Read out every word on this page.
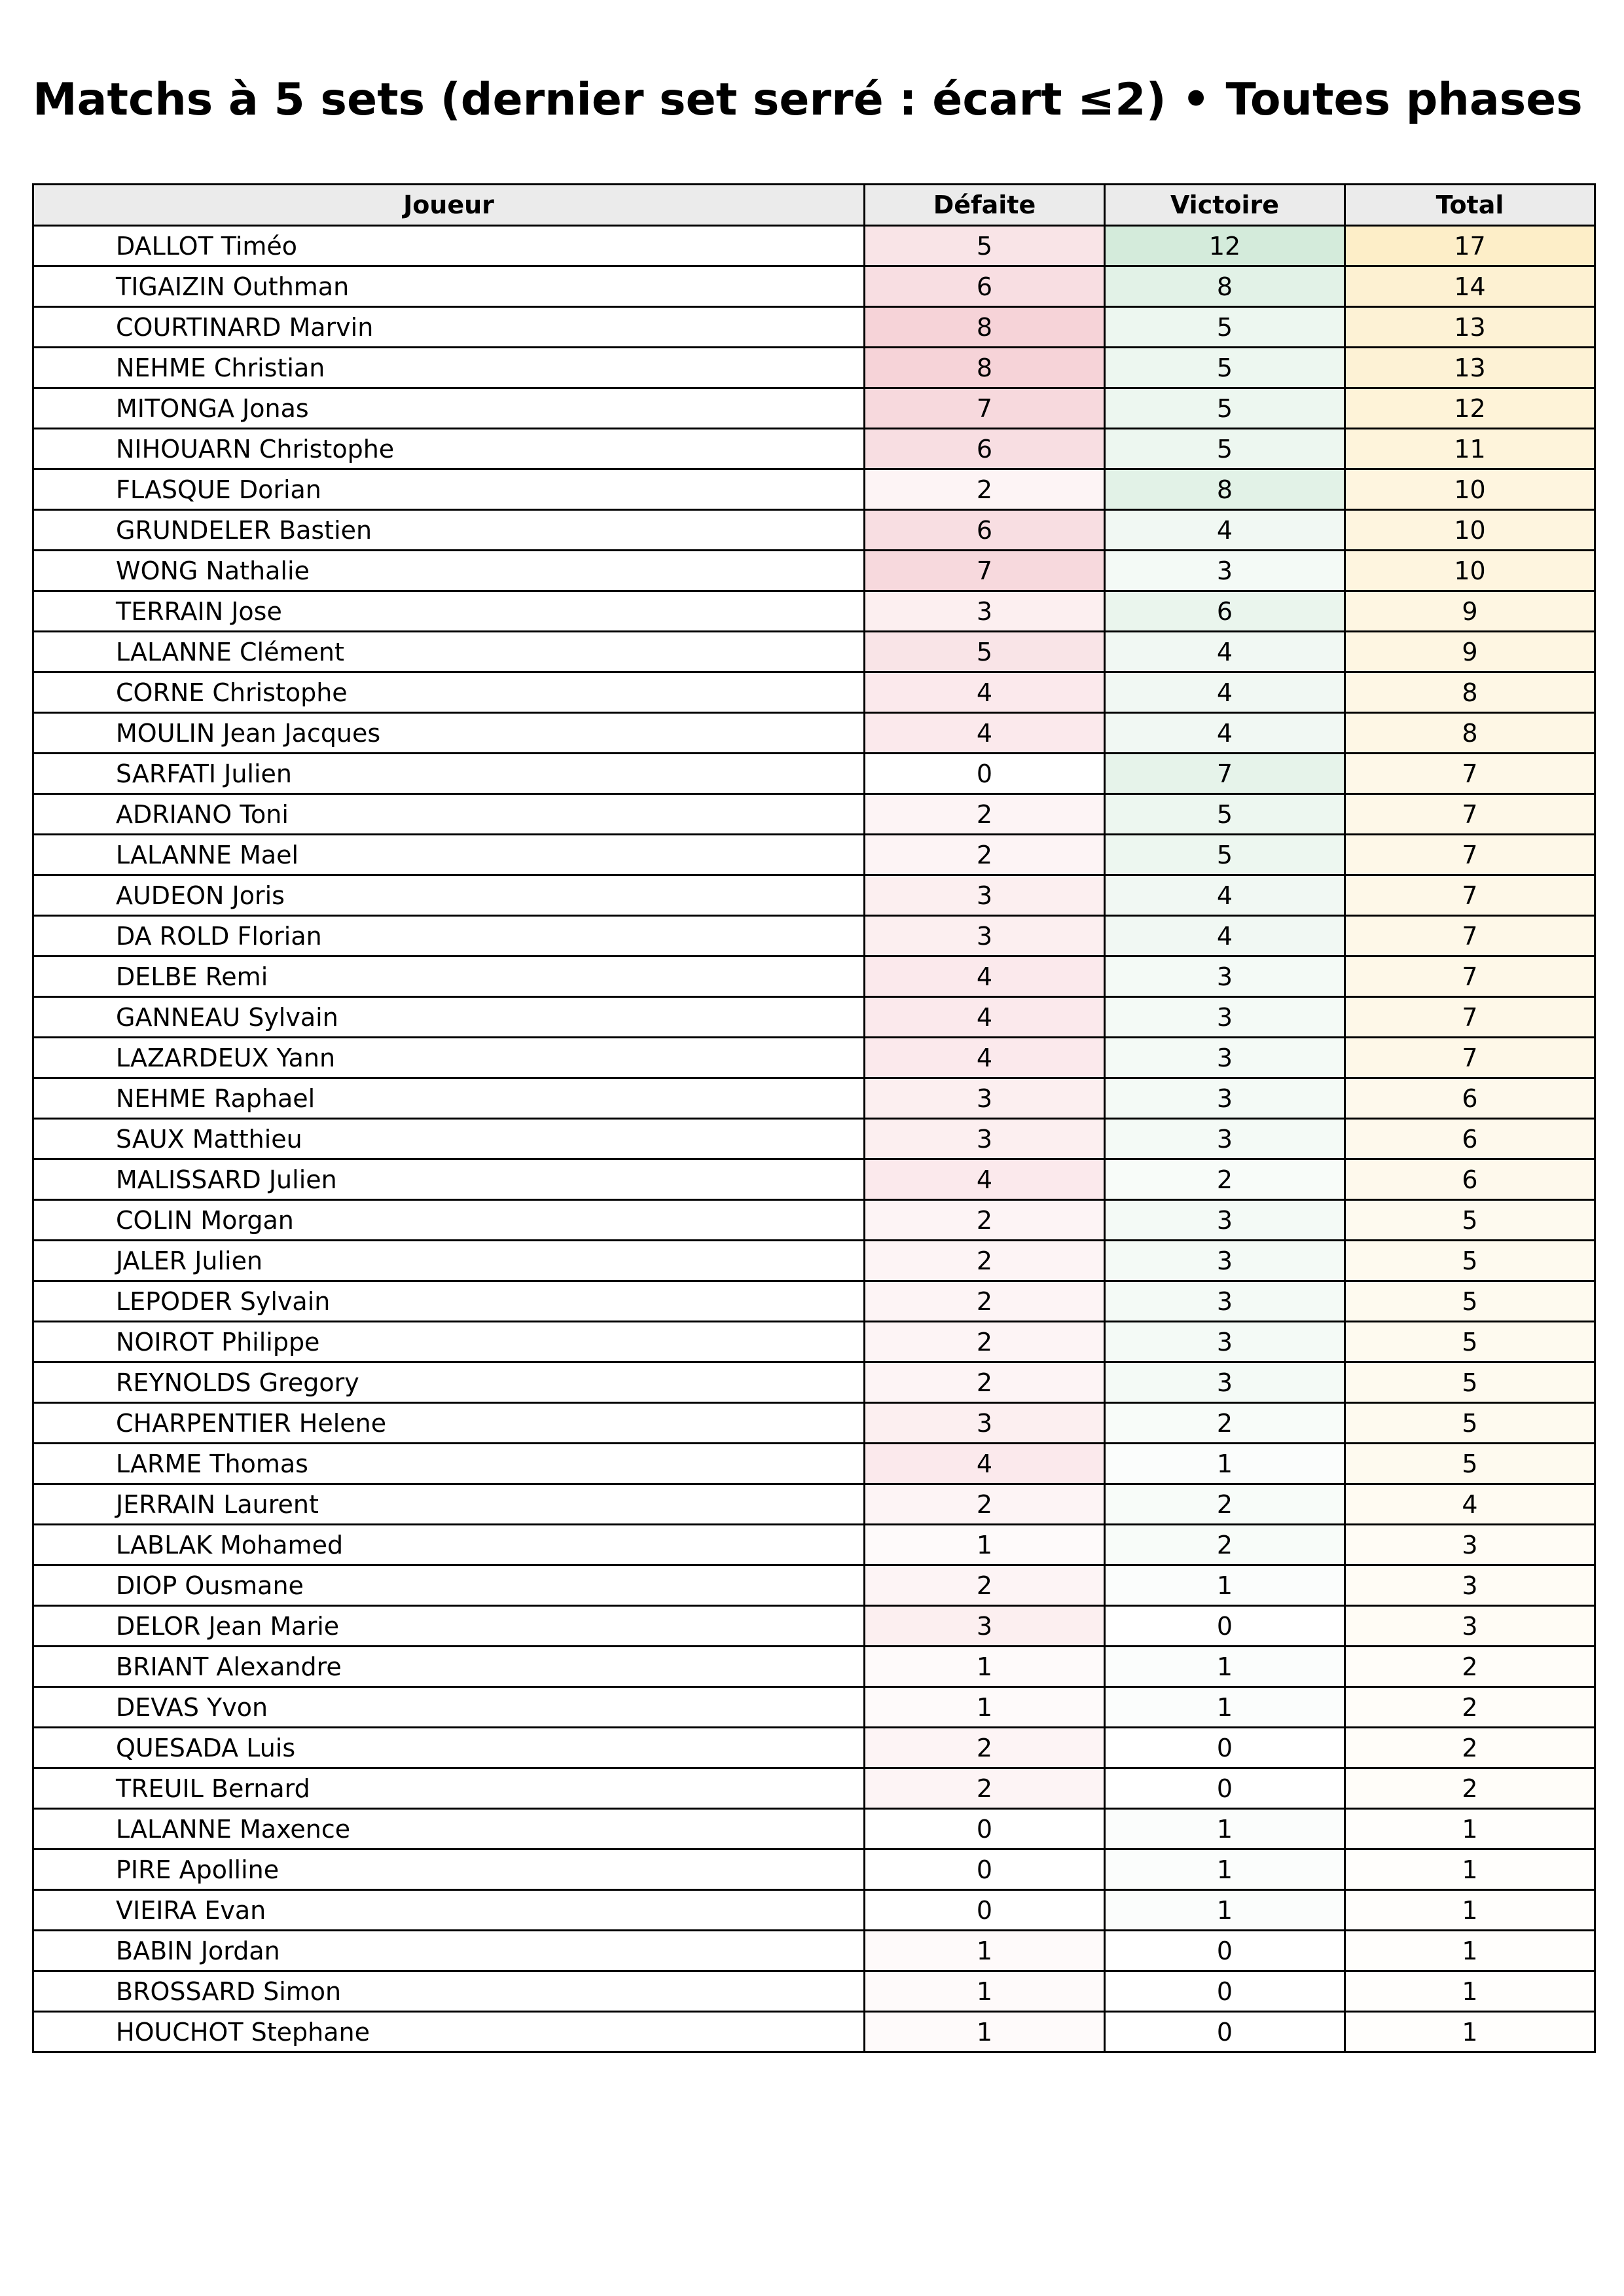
Matchs à 5 sets (dernier set serré : écart ≤2) • Toutes phases
Joueur	Défaite	Victoire	Total
DALLOT Timéo	5	12	17
TIGAIZIN Outhman	6	8	14
COURTINARD Marvin	8	5	13
NEHME Christian	8	5	13
MITONGA Jonas	7	5	12
NIHOUARN Christophe	6	5	11
FLASQUE Dorian	2	8	10
GRUNDELER Bastien	6	4	10
WONG Nathalie	7	3	10
TERRAIN Jose	3	6	9
LALANNE Clément	5	4	9
CORNE Christophe	4	4	8
MOULIN Jean Jacques	4	4	8
SARFATI Julien	0	7	7
ADRIANO Toni	2	5	7
LALANNE Mael	2	5	7
AUDEON Joris	3	4	7
DA ROLD Florian	3	4	7
DELBE Remi	4	3	7
GANNEAU Sylvain	4	3	7
LAZARDEUX Yann	4	3	7
NEHME Raphael	3	3	6
SAUX Matthieu	3	3	6
MALISSARD Julien	4	2	6
COLIN Morgan	2	3	5
JALER Julien	2	3	5
LEPODER Sylvain	2	3	5
NOIROT Philippe	2	3	5
REYNOLDS Gregory	2	3	5
CHARPENTIER Helene	3	2	5
LARME Thomas	4	1	5
JERRAIN Laurent	2	2	4
LABLAK Mohamed	1	2	3
DIOP Ousmane	2	1	3
DELOR Jean Marie	3	0	3
BRIANT Alexandre	1	1	2
DEVAS Yvon	1	1	2
QUESADA Luis	2	0	2
TREUIL Bernard	2	0	2
LALANNE Maxence	0	1	1
PIRE Apolline	0	1	1
VIEIRA Evan	0	1	1
BABIN Jordan	1	0	1
BROSSARD Simon	1	0	1
HOUCHOT Stephane	1	0	1
